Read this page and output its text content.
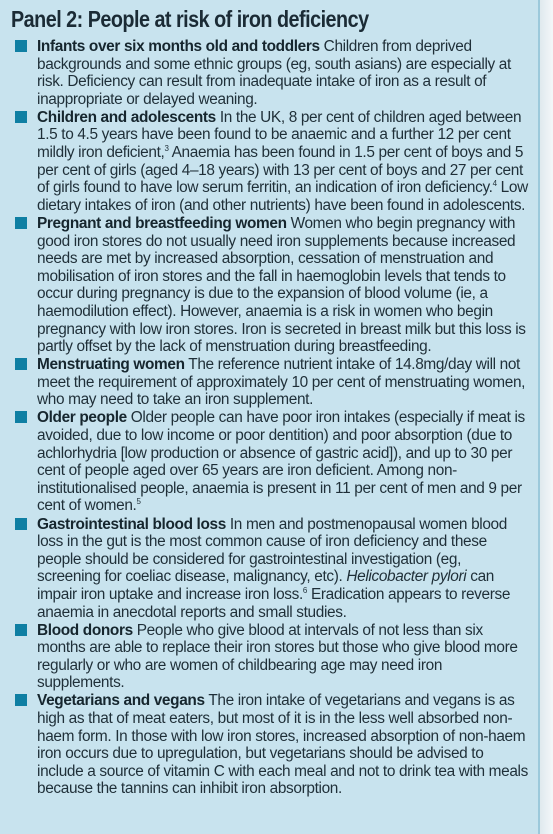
Panel 2: People at risk of iron deficiency
Infants over six months old and toddlers Children from deprived backgrounds and some ethnic groups (eg, south asians) are especially at risk. Deficiency can result from inadequate intake of iron as a result of inappropriate or delayed weaning.
Children and adolescents In the UK, 8 per cent of children aged between 1.5 to 4.5 years have been found to be anaemic and a further 12 per cent mildly iron deficient,$^3$ Anaemia has been found in 1.5 per cent of boys and 5 per cent of girls (aged 4–18 years) with 13 per cent of boys and 27 per cent of girls found to have low serum ferritin, an indication of iron deficiency.$^4$ Low dietary intakes of iron (and other nutrients) have been found in adolescents.
Pregnant and breastfeeding women Women who begin pregnancy with good iron stores do not usually need iron supplements because increased needs are met by increased absorption, cessation of menstruation and mobilisation of iron stores and the fall in haemoglobin levels that tends to occur during pregnancy is due to the expansion of blood volume (ie, a haemodilution effect). However, anaemia is a risk in women who begin pregnancy with low iron stores. Iron is secreted in breast milk but this loss is partly offset by the lack of menstruation during breastfeeding.
Menstruating women The reference nutrient intake of 14.8mg/day will not meet the requirement of approximately 10 per cent of menstruating women, who may need to take an iron supplement.
Older people Older people can have poor iron intakes (especially if meat is avoided, due to low income or poor dentition) and poor absorption (due to achlorhydria [low production or absence of gastric acid]), and up to 30 per cent of people aged over 65 years are iron deficient. Among non-institutionalised people, anaemia is present in 11 per cent of men and 9 per cent of women.$^5$
Gastrointestinal blood loss In men and postmenopausal women blood loss in the gut is the most common cause of iron deficiency and these people should be considered for gastrointestinal investigation (eg, screening for coeliac disease, malignancy, etc). Helicobacter pylori can impair iron uptake and increase iron loss.$^6$ Eradication appears to reverse anaemia in anecdotal reports and small studies.
Blood donors People who give blood at intervals of not less than six months are able to replace their iron stores but those who give blood more regularly or who are women of childbearing age may need iron supplements.
Vegetarians and vegans The iron intake of vegetarians and vegans is as high as that of meat eaters, but most of it is in the less well absorbed non-haem form. In those with low iron stores, increased absorption of non-haem iron occurs due to upregulation, but vegetarians should be advised to include a source of vitamin C with each meal and not to drink tea with meals because the tannins can inhibit iron absorption.
